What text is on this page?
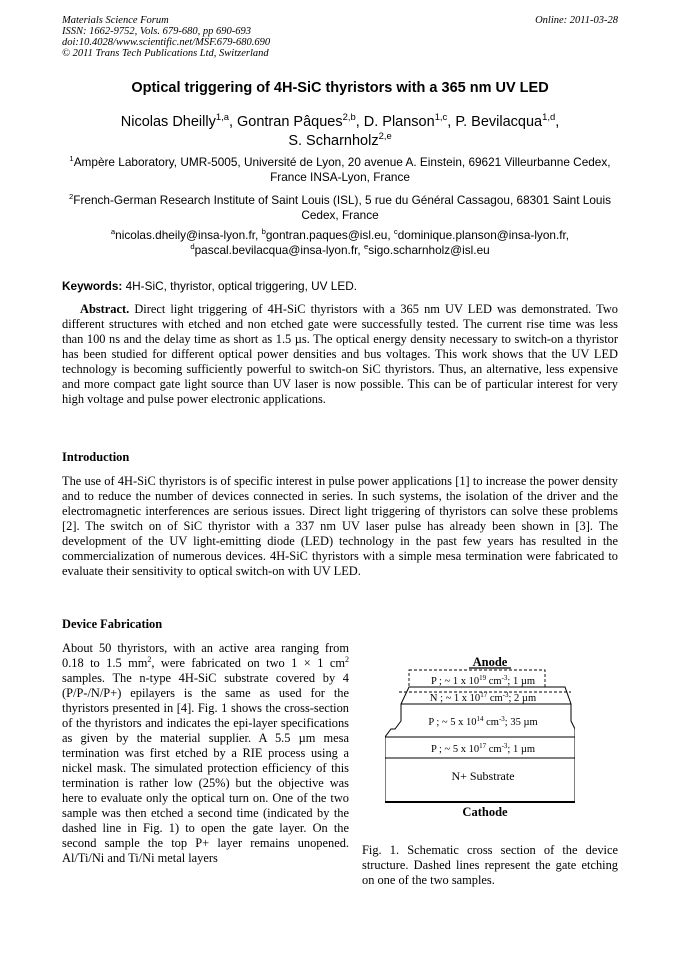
Materials Science Forum
ISSN: 1662-9752, Vols. 679-680, pp 690-693
doi:10.4028/www.scientific.net/MSF.679-680.690
© 2011 Trans Tech Publications Ltd, Switzerland
Online: 2011-03-28
Optical triggering of 4H-SiC thyristors with a 365 nm UV LED
Nicolas Dheilly$^{1,a}$, Gontran Pâques$^{2,b}$, D. Planson$^{1,c}$, P. Bevilacqua$^{1,d}$,
S. Scharnholz$^{2,e}$
$^1$Ampère Laboratory, UMR-5005, Université de Lyon, 20 avenue A. Einstein, 69621 Villeurbanne Cedex, France INSA-Lyon, France
$^2$French-German Research Institute of Saint Louis (ISL), 5 rue du Général Cassagou, 68301 Saint Louis Cedex, France
$^a$nicolas.dheily@insa-lyon.fr, $^b$gontran.paques@isl.eu, $^c$dominique.planson@insa-lyon.fr,
$^d$pascal.bevilacqua@insa-lyon.fr, $^e$sigo.scharnholz@isl.eu
Keywords: 4H-SiC, thyristor, optical triggering, UV LED.
Abstract. Direct light triggering of 4H-SiC thyristors with a 365 nm UV LED was demonstrated. Two different structures with etched and non etched gate were successfully tested. The current rise time was less than 100 ns and the delay time as short as 1.5 µs. The optical energy density necessary to switch-on a thyristor has been studied for different optical power densities and bus voltages. This work shows that the UV LED technology is becoming sufficiently powerful to switch-on SiC thyristors. Thus, an alternative, less expensive and more compact gate light source than UV laser is now possible. This can be of particular interest for very high voltage and pulse power electronic applications.
Introduction
The use of 4H-SiC thyristors is of specific interest in pulse power applications [1] to increase the power density and to reduce the number of devices connected in series. In such systems, the isolation of the driver and the electromagnetic interferences are serious issues. Direct light triggering of thyristors can solve these problems [2]. The switch on of SiC thyristor with a 337 nm UV laser pulse has already been shown in [3]. The development of the UV light-emitting diode (LED) technology in the past few years has resulted in the commercialization of numerous devices. 4H-SiC thyristors with a simple mesa termination were fabricated to evaluate their sensitivity to optical switch-on with UV LED.
Device Fabrication
About 50 thyristors, with an active area ranging from 0.18 to 1.5 $mm^2$, were fabricated on two 1 × 1 $cm^2$ samples. The n-type 4H-SiC substrate covered by 4 (P/P-/N/P+) epilayers is the same as used for the thyristors presented in [4]. Fig. 1 shows the cross-section of the thyristors and indicates the epi-layer specifications as given by the material supplier. A 5.5 µm mesa termination was first etched by a RIE process using a nickel mask. The simulated protection efficiency of this termination is rather low (25%) but the objective was here to evaluate only the optical turn on. One of the two sample was then etched a second time (indicated by the dashed line in Fig. 1) to open the gate layer. On the second sample the top P+ layer remains unopened. Al/Ti/Ni and Ti/Ni metal layers
Anode
P ; ~ 1 x $10^{19}$ $cm^{-3}$; 1 µm
N ; ~ 1 x $10^{17}$ $cm^{-3}$; 2 µm
P ; ~ 5 x $10^{14}$ $cm^{-3}$; 35 µm
P ; ~ 5 x $10^{17}$ $cm^{-3}$; 1 µm
N+ Substrate
Cathode
Fig. 1. Schematic cross section of the device structure. Dashed lines represent the gate etching on one of the two samples.
